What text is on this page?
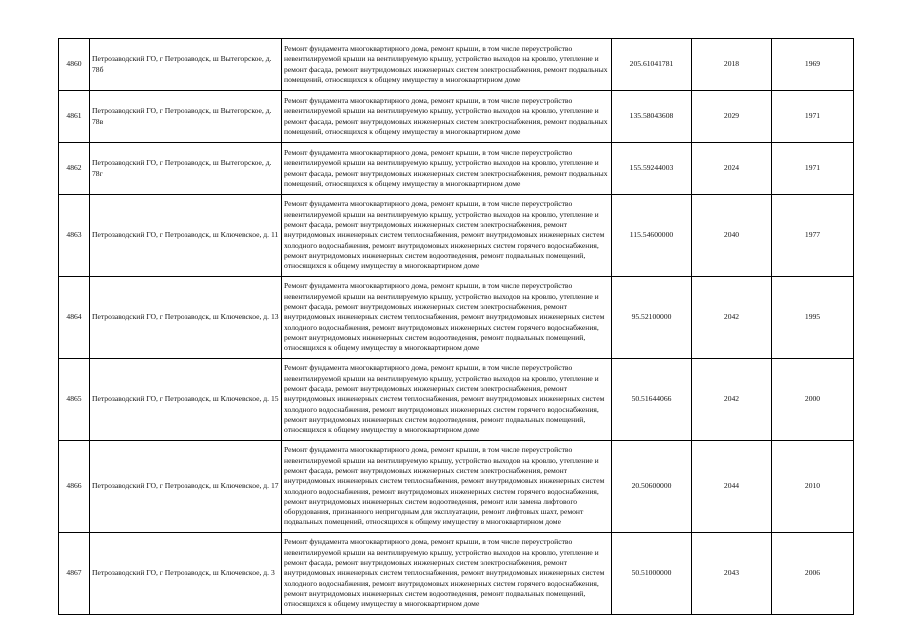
4860	Петрозаводский ГО, г Петрозаводск, ш Вытегорское, д. 78б	Ремонт фундамента многоквартирного дома, ремонт крыши, в том числе переустройство невентилируемой крыши на вентилируемую крышу, устройство выходов на кровлю, утепление и ремонт фасада, ремонт внутридомовых инженерных систем электроснабжения, ремонт подвальных помещений, относящихся к общему имуществу в многоквартирном доме	205.61041781	2018	1969
4861	Петрозаводский ГО, г Петрозаводск, ш Вытегорское, д. 78в	Ремонт фундамента многоквартирного дома, ремонт крыши, в том числе переустройство невентилируемой крыши на вентилируемую крышу, устройство выходов на кровлю, утепление и ремонт фасада, ремонт внутридомовых инженерных систем электроснабжения, ремонт подвальных помещений, относящихся к общему имуществу в многоквартирном доме	135.58043608	2029	1971
4862	Петрозаводский ГО, г Петрозаводск, ш Вытегорское, д. 78г	Ремонт фундамента многоквартирного дома, ремонт крыши, в том числе переустройство невентилируемой крыши на вентилируемую крышу, устройство выходов на кровлю, утепление и ремонт фасада, ремонт внутридомовых инженерных систем электроснабжения, ремонт подвальных помещений, относящихся к общему имуществу в многоквартирном доме	155.59244003	2024	1971
4863	Петрозаводский ГО, г Петрозаводск, ш Ключевское, д. 11	Ремонт фундамента многоквартирного дома, ремонт крыши, в том числе переустройство невентилируемой крыши на вентилируемую крышу, устройство выходов на кровлю, утепление и ремонт фасада, ремонт внутридомовых инженерных систем электроснабжения, ремонт внутридомовых инженерных систем теплоснабжения, ремонт внутридомовых инженерных систем холодного водоснабжения, ремонт внутридомовых инженерных систем горячего водоснабжения, ремонт внутридомовых инженерных систем водоотведения, ремонт подвальных помещений, относящихся к общему имуществу в многоквартирном доме	115.54600000	2040	1977
4864	Петрозаводский ГО, г Петрозаводск, ш Ключевское, д. 13	Ремонт фундамента многоквартирного дома, ремонт крыши, в том числе переустройство невентилируемой крыши на вентилируемую крышу, устройство выходов на кровлю, утепление и ремонт фасада, ремонт внутридомовых инженерных систем электроснабжения, ремонт внутридомовых инженерных систем теплоснабжения, ремонт внутридомовых инженерных систем холодного водоснабжения, ремонт внутридомовых инженерных систем горячего водоснабжения, ремонт внутридомовых инженерных систем водоотведения, ремонт подвальных помещений, относящихся к общему имуществу в многоквартирном доме	95.52100000	2042	1995
4865	Петрозаводский ГО, г Петрозаводск, ш Ключевское, д. 15	Ремонт фундамента многоквартирного дома, ремонт крыши, в том числе переустройство невентилируемой крыши на вентилируемую крышу, устройство выходов на кровлю, утепление и ремонт фасада, ремонт внутридомовых инженерных систем электроснабжения, ремонт внутридомовых инженерных систем теплоснабжения, ремонт внутридомовых инженерных систем холодного водоснабжения, ремонт внутридомовых инженерных систем горячего водоснабжения, ремонт внутридомовых инженерных систем водоотведения, ремонт подвальных помещений, относящихся к общему имуществу в многоквартирном доме	50.51644066	2042	2000
4866	Петрозаводский ГО, г Петрозаводск, ш Ключевское, д. 17	Ремонт фундамента многоквартирного дома, ремонт крыши, в том числе переустройство невентилируемой крыши на вентилируемую крышу, устройство выходов на кровлю, утепление и ремонт фасада, ремонт внутридомовых инженерных систем электроснабжения, ремонт внутридомовых инженерных систем теплоснабжения, ремонт внутридомовых инженерных систем холодного водоснабжения, ремонт внутридомовых инженерных систем горячего водоснабжения, ремонт внутридомовых инженерных систем водоотведения, ремонт или замена лифтового оборудования, признанного непригодным для эксплуатации, ремонт лифтовых шахт, ремонт подвальных помещений, относящихся к общему имуществу в многоквартирном доме	20.50600000	2044	2010
4867	Петрозаводский ГО, г Петрозаводск, ш Ключевское, д. 3	Ремонт фундамента многоквартирного дома, ремонт крыши, в том числе переустройство невентилируемой крыши на вентилируемую крышу, устройство выходов на кровлю, утепление и ремонт фасада, ремонт внутридомовых инженерных систем электроснабжения, ремонт внутридомовых инженерных систем теплоснабжения, ремонт внутридомовых инженерных систем холодного водоснабжения, ремонт внутридомовых инженерных систем горячего водоснабжения, ремонт внутридомовых инженерных систем водоотведения, ремонт подвальных помещений, относящихся к общему имуществу в многоквартирном доме	50.51000000	2043	2006
